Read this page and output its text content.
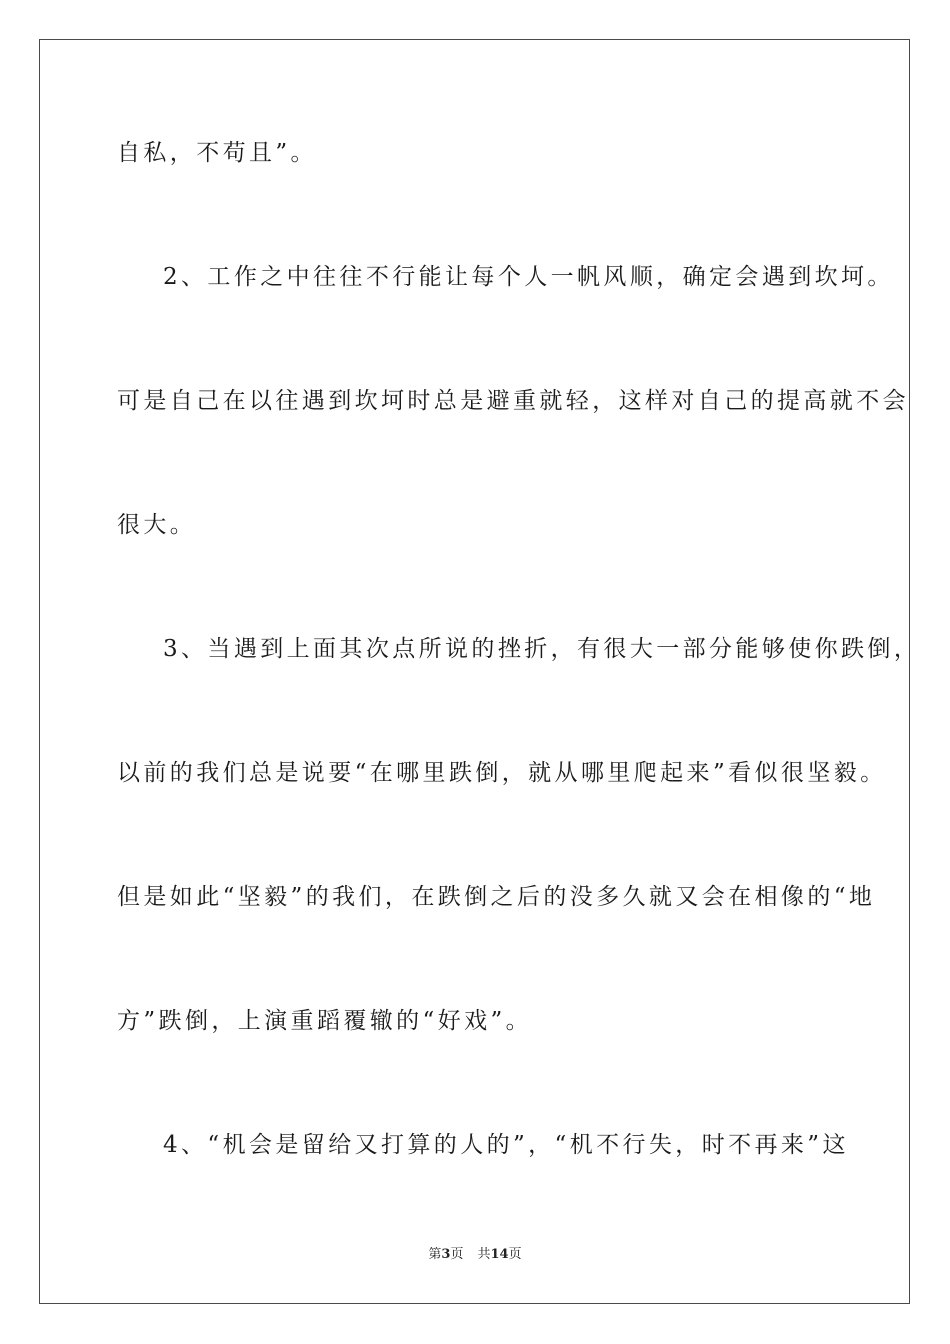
自私，不苟且”。
2、工作之中往往不行能让每个人一帆风顺，确定会遇到坎坷。
可是自己在以往遇到坎坷时总是避重就轻，这样对自己的提高就不会
很大。
3、当遇到上面其次点所说的挫折，有很大一部分能够使你跌倒，
以前的我们总是说要“在哪里跌倒，就从哪里爬起来”看似很坚毅。
但是如此“坚毅”的我们，在跌倒之后的没多久就又会在相像的“地
方”跌倒，上演重蹈覆辙的“好戏”。
4、“机会是留给又打算的人的”，“机不行失，时不再来”这
第3页 共14页
